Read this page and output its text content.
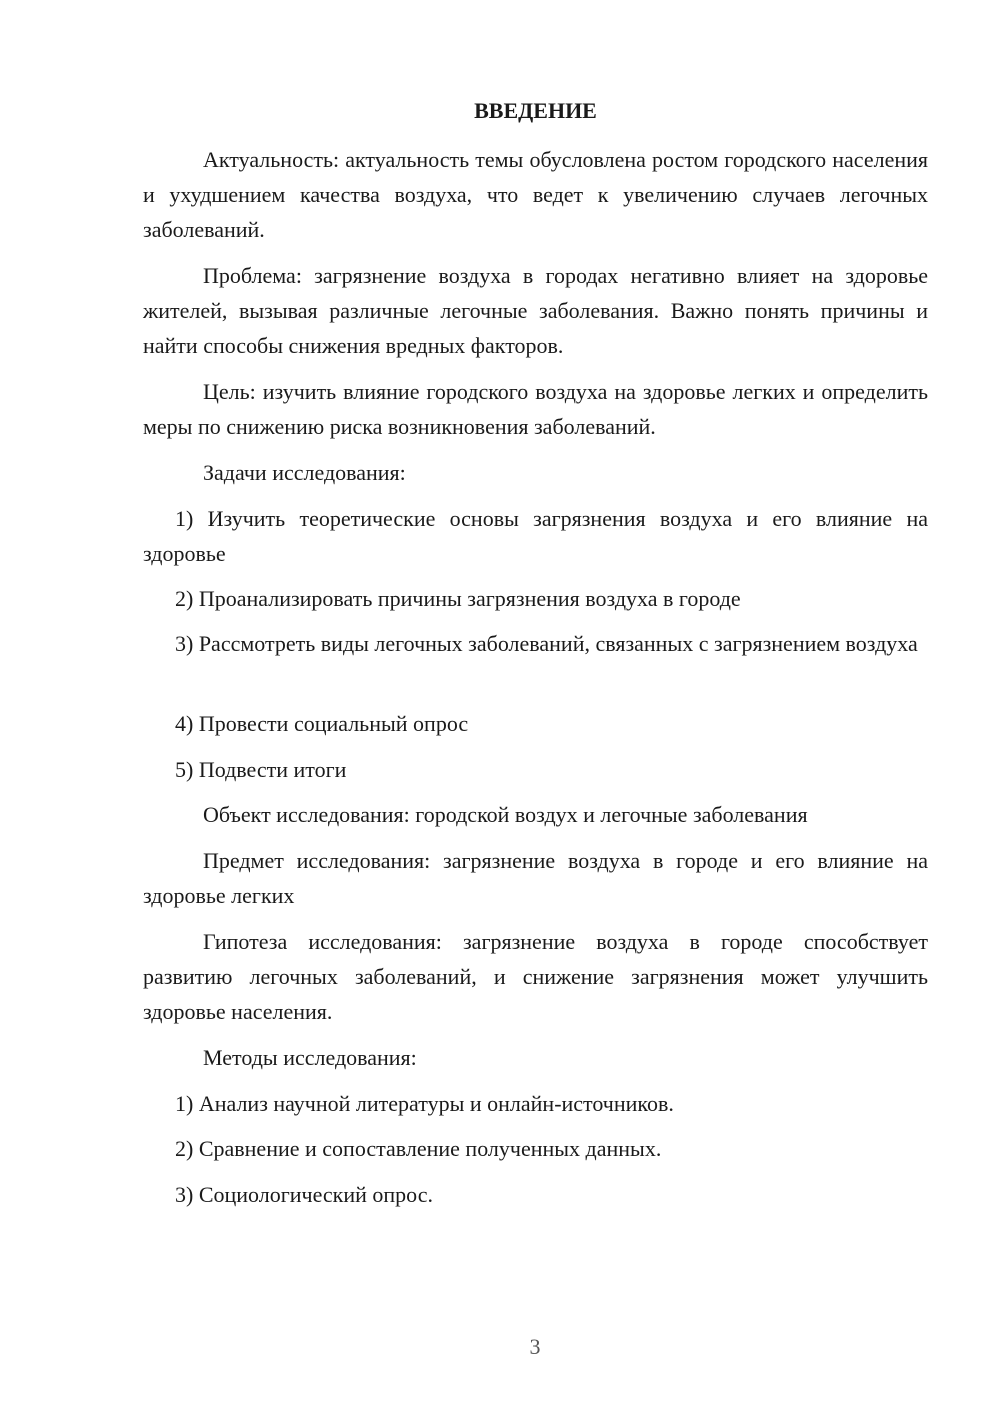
ВВЕДЕНИЕ

Актуальность: актуальность темы обусловлена ростом городского населения и ухудшением качества воздуха, что ведет к увеличению случаев легочных заболеваний.

Проблема: загрязнение воздуха в городах негативно влияет на здоровье жителей, вызывая различные легочные заболевания. Важно понять причины и найти способы снижения вредных факторов.

Цель: изучить влияние городского воздуха на здоровье легких и определить меры по снижению риска возникновения заболеваний.

Задачи исследования:

1) Изучить теоретические основы загрязнения воздуха и его влияние на здоровье

2) Проанализировать причины загрязнения воздуха в городе

3) Рассмотреть виды легочных заболеваний, связанных с загрязнением воздуха

4) Провести социальный опрос

5) Подвести итоги

Объект исследования: городской воздух и легочные заболевания

Предмет исследования: загрязнение воздуха в городе и его влияние на здоровье легких

Гипотеза исследования: загрязнение воздуха в городе способствует развитию легочных заболеваний, и снижение загрязнения может улучшить здоровье населения.

Методы исследования:

1) Анализ научной литературы и онлайн-источников.

2) Сравнение и сопоставление полученных данных.

3) Социологический опрос.

3
